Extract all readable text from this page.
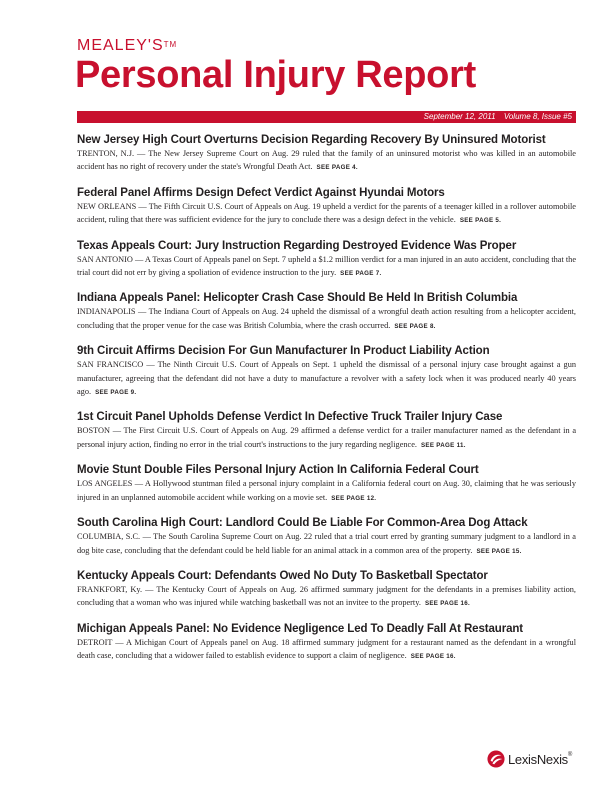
MEALEY'S™

Personal Injury Report
September 12, 2011 Volume 8, Issue #5
New Jersey High Court Overturns Decision Regarding Recovery By Uninsured Motorist

TRENTON, N.J. — The New Jersey Supreme Court on Aug. 29 ruled that the family of an uninsured motorist who was killed in an automobile accident has no right of recovery under the state's Wrongful Death Act. SEE PAGE 4.

Federal Panel Affirms Design Defect Verdict Against Hyundai Motors

NEW ORLEANS — The Fifth Circuit U.S. Court of Appeals on Aug. 19 upheld a verdict for the parents of a teenager killed in a rollover automobile accident, ruling that there was sufficient evidence for the jury to conclude there was a design defect in the vehicle. SEE PAGE 5.

Texas Appeals Court: Jury Instruction Regarding Destroyed Evidence Was Proper

SAN ANTONIO — A Texas Court of Appeals panel on Sept. 7 upheld a $1.2 million verdict for a man injured in an auto accident, concluding that the trial court did not err by giving a spoliation of evidence instruction to the jury. SEE PAGE 7.

Indiana Appeals Panel: Helicopter Crash Case Should Be Held In British Columbia

INDIANAPOLIS — The Indiana Court of Appeals on Aug. 24 upheld the dismissal of a wrongful death action resulting from a helicopter accident, concluding that the proper venue for the case was British Columbia, where the crash occurred. SEE PAGE 8.

9th Circuit Affirms Decision For Gun Manufacturer In Product Liability Action

SAN FRANCISCO — The Ninth Circuit U.S. Court of Appeals on Sept. 1 upheld the dismissal of a personal injury case brought against a gun manufacturer, agreeing that the defendant did not have a duty to manufacture a revolver with a safety lock when it was produced nearly 40 years ago. SEE PAGE 9.

1st Circuit Panel Upholds Defense Verdict In Defective Truck Trailer Injury Case

BOSTON — The First Circuit U.S. Court of Appeals on Aug. 29 affirmed a defense verdict for a trailer manufacturer named as the defendant in a personal injury action, finding no error in the trial court's instructions to the jury regarding negligence. SEE PAGE 11.

Movie Stunt Double Files Personal Injury Action In California Federal Court

LOS ANGELES — A Hollywood stuntman filed a personal injury complaint in a California federal court on Aug. 30, claiming that he was seriously injured in an unplanned automobile accident while working on a movie set. SEE PAGE 12.

South Carolina High Court: Landlord Could Be Liable For Common-Area Dog Attack

COLUMBIA, S.C. — The South Carolina Supreme Court on Aug. 22 ruled that a trial court erred by granting summary judgment to a landlord in a dog bite case, concluding that the defendant could be held liable for an animal attack in a common area of the property. SEE PAGE 15.

Kentucky Appeals Court: Defendants Owed No Duty To Basketball Spectator

FRANKFORT, Ky. — The Kentucky Court of Appeals on Aug. 26 affirmed summary judgment for the defendants in a premises liability action, concluding that a woman who was injured while watching basketball was not an invitee to the property. SEE PAGE 16.

Michigan Appeals Panel: No Evidence Negligence Led To Deadly Fall At Restaurant

DETROIT — A Michigan Court of Appeals panel on Aug. 18 affirmed summary judgment for a restaurant named as the defendant in a wrongful death case, concluding that a widower failed to establish evidence to support a claim of negligence. SEE PAGE 16.

LexisNexis®
